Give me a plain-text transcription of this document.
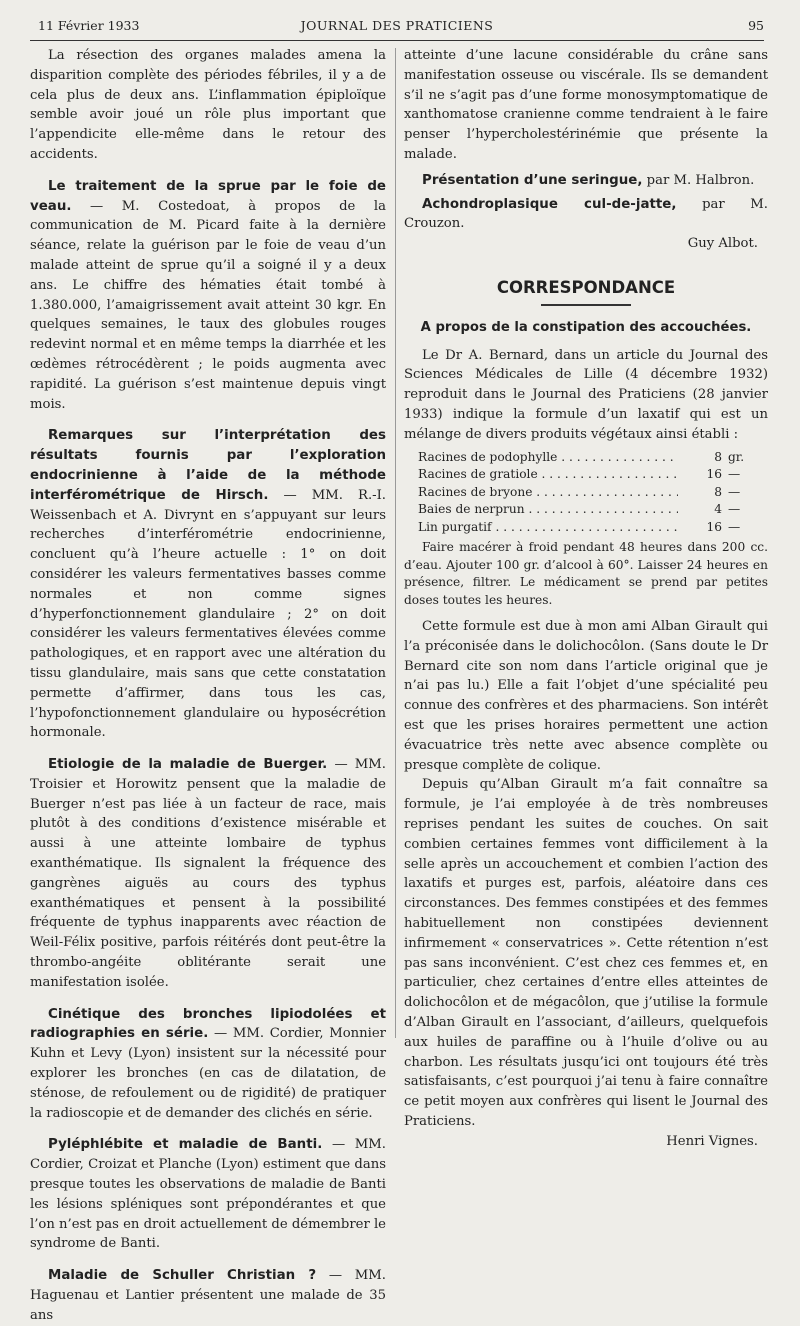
11 Février 1933	JOURNAL DES PRATICIENS	95

La résection des organes malades amena la disparition complète des périodes fébriles, il y a de cela plus de deux ans. L’inflammation épiploïque semble avoir joué un rôle plus important que l’appendicite elle-même dans le retour des accidents.

Le traitement de la sprue par le foie de veau. — M. Costedoat, à propos de la communication de M. Picard faite à la dernière séance, relate la guérison par le foie de veau d’un malade atteint de sprue qu’il a soigné il y a deux ans. Le chiffre des hématies était tombé à 1.380.000, l’amaigrissement avait atteint 30 kgr. En quelques semaines, le taux des globules rouges redevint normal et en même temps la diarrhée et les œdèmes rétrocédèrent ; le poids augmenta avec rapidité. La guérison s’est maintenue depuis vingt mois.

Remarques sur l’interprétation des résultats fournis par l’exploration endocrinienne à l’aide de la méthode interférométrique de Hirsch. — MM. R.-I. Weissenbach et A. Divrynt en s’appuyant sur leurs recherches d’interférométrie endocrinienne, concluent qu’à l’heure actuelle : 1° on doit considérer les valeurs fermentatives basses comme normales et non comme signes d’hyperfonctionnement glandulaire ; 2° on doit considérer les valeurs fermentatives élevées comme pathologiques, et en rapport avec une altération du tissu glandulaire, mais sans que cette constatation permette d’affirmer, dans tous les cas, l’hypofonctionnement glandulaire ou hyposécrétion hormonale.

Etiologie de la maladie de Buerger. — MM. Troisier et Horowitz pensent que la maladie de Buerger n’est pas liée à un facteur de race, mais plutôt à des conditions d’existence misérable et aussi à une atteinte lombaire de typhus exanthématique. Ils signalent la fréquence des gangrènes aiguës au cours des typhus exanthématiques et pensent à la possibilité fréquente de typhus inapparents avec réaction de Weil-Félix positive, parfois réitérés dont peut-être la thrombo-angéite oblitérante serait une manifestation isolée.

Cinétique des bronches lipiodolées et radiographies en série. — MM. Cordier, Monnier Kuhn et Levy (Lyon) insistent sur la nécessité pour explorer les bronches (en cas de dilatation, de sténose, de refoulement ou de rigidité) de pratiquer la radioscopie et de demander des clichés en série.

Pyléphlébite et maladie de Banti. — MM. Cordier, Croizat et Planche (Lyon) estiment que dans presque toutes les observations de maladie de Banti les lésions spléniques sont prépondérantes et que l’on n’est pas en droit actuellement de démembrer le syndrome de Banti.

Maladie de Schuller Christian ? — MM. Haguenau et Lantier présentent une malade de 35 ans

atteinte d’une lacune considérable du crâne sans manifestation osseuse ou viscérale. Ils se demandent s’il ne s’agit pas d’une forme monosymptomatique de xanthomatose cranienne comme tendraient à le faire penser l’hypercholestérinémie que présente la malade.

Présentation d’une seringue, par M. Halbron.

Achondroplasique cul-de-jatte, par M. Crouzon.

Guy Albot.
CORRESPONDANCE
A propos de la constipation des accouchées.

Le Dr A. Bernard, dans un article du Journal des Sciences Médicales de Lille (4 décembre 1932) reproduit dans le Journal des Praticiens (28 janvier 1933) indique la formule d’un laxatif qui est un mélange de divers produits végétaux ainsi établi :

Racines de podophylle . . .	8 gr.
Racines de gratiole . . .	16 —
Racines de bryone . . .	8 —
Baies de nerprun . . .	4 —
Lin purgatif . . .	16 —

Faire macérer à froid pendant 48 heures dans 200 cc. d’eau. Ajouter 100 gr. d’alcool à 60°. Laisser 24 heures en présence, filtrer. Le médicament se prend par petites doses toutes les heures.

Cette formule est due à mon ami Alban Girault qui l’a préconisée dans le dolichocôlon. (Sans doute le Dr Bernard cite son nom dans l’article original que je n’ai pas lu.) Elle a fait l’objet d’une spécialité peu connue des confrères et des pharmaciens. Son intérêt est que les prises horaires permettent une action évacuatrice très nette avec absence complète ou presque complète de colique.

Depuis qu’Alban Girault m’a fait connaître sa formule, je l’ai employée à de très nombreuses reprises pendant les suites de couches. On sait combien certaines femmes vont difficilement à la selle après un accouchement et combien l’action des laxatifs et purges est, parfois, aléatoire dans ces circonstances. Des femmes constipées et des femmes habituellement non constipées deviennent infirmement « conservatrices ». Cette rétention n’est pas sans inconvénient. C’est chez ces femmes et, en particulier, chez certaines d’entre elles atteintes de dolichocôlon et de mégacôlon, que j’utilise la formule d’Alban Girault en l’associant, d’ailleurs, quelquefois aux huiles de paraffine ou à l’huile d’olive ou au charbon. Les résultats jusqu’ici ont toujours été très satisfaisants, c’est pourquoi j’ai tenu à faire connaître ce petit moyen aux confrères qui lisent le Journal des Praticiens.

Henri Vignes.
